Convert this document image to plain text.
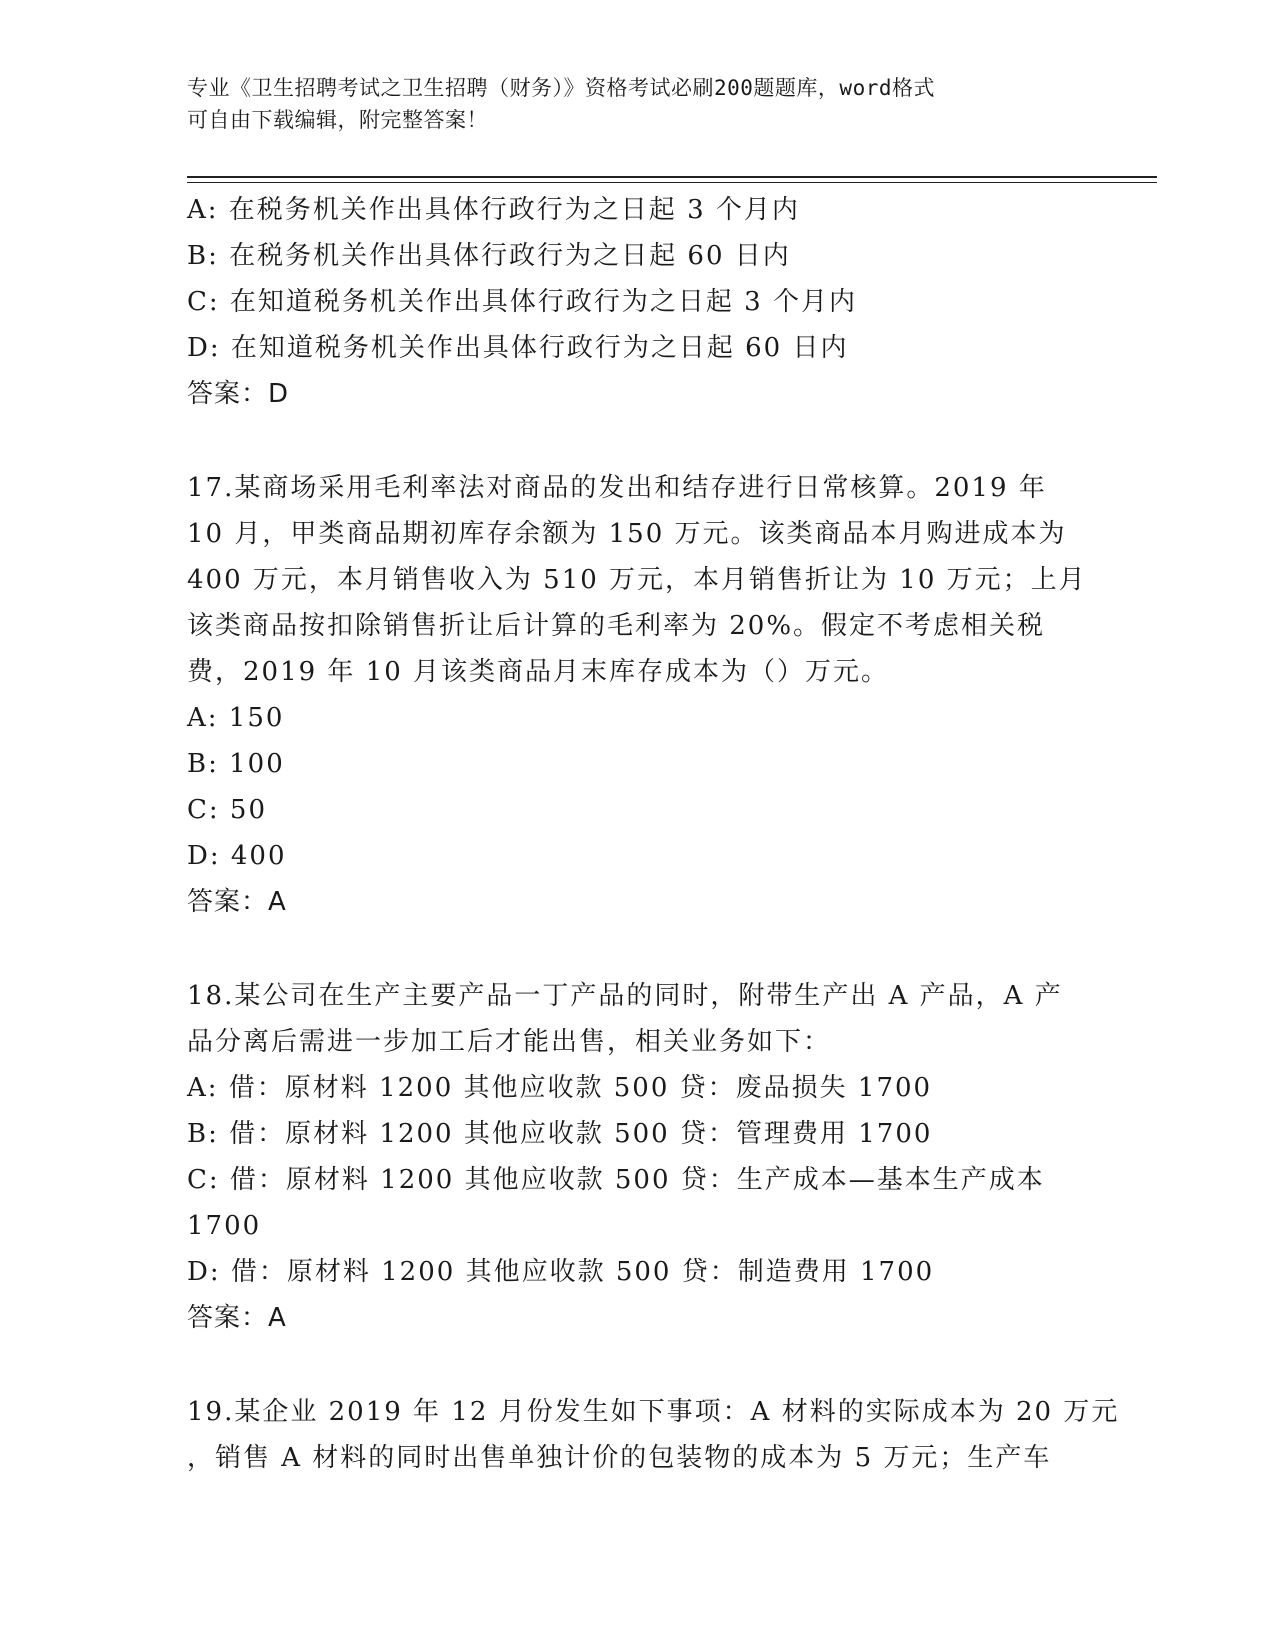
专业《卫生招聘考试之卫生招聘（财务）》资格考试必刷200题题库，word格式
可自由下载编辑，附完整答案！
A: 在税务机关作出具体行政行为之日起 3 个月内
B: 在税务机关作出具体行政行为之日起 60 日内
C: 在知道税务机关作出具体行政行为之日起 3 个月内
D: 在知道税务机关作出具体行政行为之日起 60 日内
答案：D
17.某商场采用毛利率法对商品的发出和结存进行日常核算。2019 年
10 月，甲类商品期初库存余额为 150 万元。该类商品本月购进成本为
400 万元，本月销售收入为 510 万元，本月销售折让为 10 万元；上月
该类商品按扣除销售折让后计算的毛利率为 20%。假定不考虑相关税
费，2019 年 10 月该类商品月末库存成本为（）万元。
A: 150
B: 100
C: 50
D: 400
答案：A
18.某公司在生产主要产品一丁产品的同时，附带生产出 A 产品，A 产
品分离后需进一步加工后才能出售，相关业务如下：
A: 借：原材料 1200 其他应收款 500 贷：废品损失 1700
B: 借：原材料 1200 其他应收款 500 贷：管理费用 1700
C: 借：原材料 1200 其他应收款 500 贷：生产成本—基本生产成本
1700
D: 借：原材料 1200 其他应收款 500 贷：制造费用 1700
答案：A
19.某企业 2019 年 12 月份发生如下事项：A 材料的实际成本为 20 万元
，销售 A 材料的同时出售单独计价的包装物的成本为 5 万元；生产车
